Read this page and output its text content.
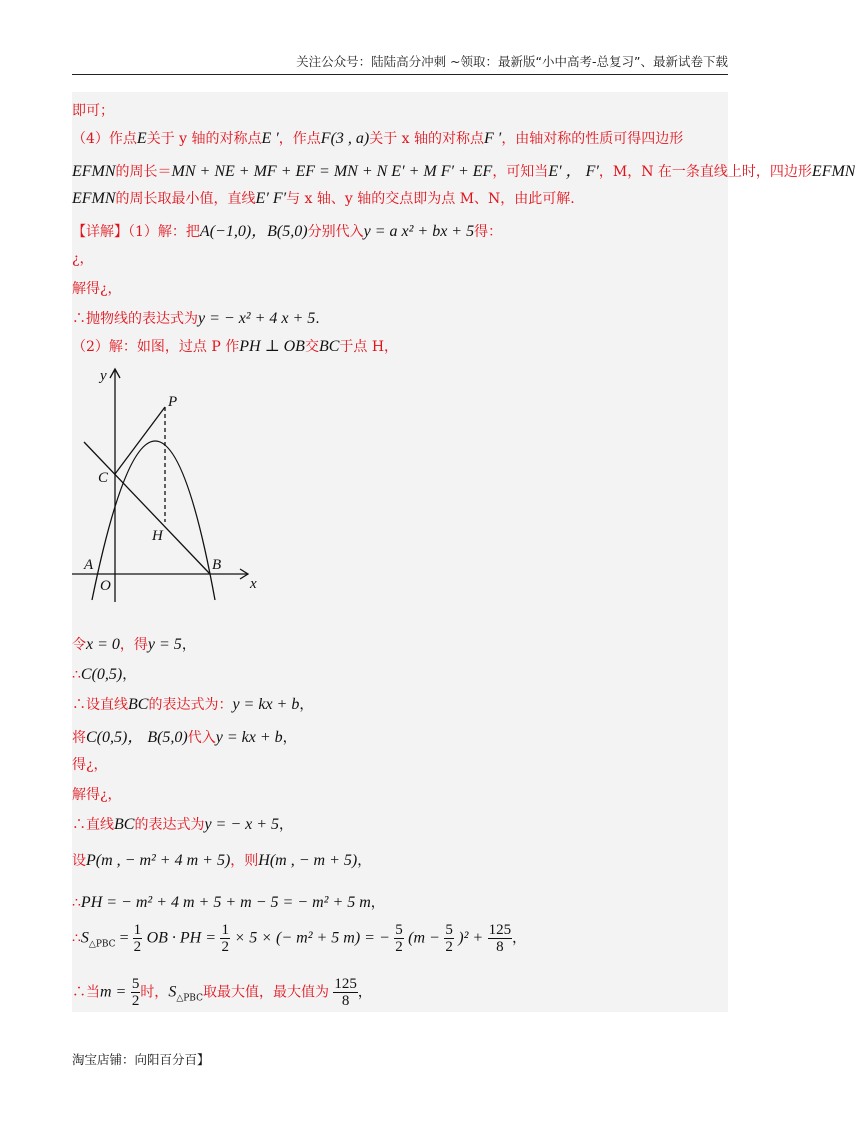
关注公众号：陆陆高分冲刺 ~领取：最新版“小中高考-总复习”、最新试卷下载
即可；
（4）作点E关于 y 轴的对称点E ′，作点F(3 , a)关于 x 轴的对称点F ′，由轴对称的性质可得四边形
EFMN的周长＝MN + NE + MF + EF = MN + N E′ + M F′ + EF，可知当E′ ， F′，M，N 在一条直线上时，四边形EFMN
EFMN的周长取最小值，直线E′ F′与 x 轴、y 轴的交点即为点 M、N，由此可解.
【详解】（1）解：把A(−1,0)，B(5,0)分别代入y = a x² + bx + 5得：
¿，
解得¿，
∴抛物线的表达式为y = − x² + 4 x + 5.
（2）解：如图，过点 P 作PH ⊥ OB交BC于点 H，
x
y
O
A	B
C
P
H
令x = 0，得y = 5，
∴C(0,5)，
∴设直线BC的表达式为：y = kx + b，
将C(0,5)， B(5,0)代入y = kx + b，
得¿，
解得¿，
∴直线BC的表达式为y = − x + 5，
设P(m , − m² + 4 m + 5)，则H(m , − m + 5)，
∴PH = − m² + 4 m + 5 + m − 5 = − m² + 5 m，
$\therefore S_{\triangle PBC} = \frac{1}{2}$ OB · PH = $\frac{1}{2} \times 5$ × (− m² + 5 m) = − $\frac{5}{2} (m - \frac{5}{2} )^2 + \frac{125}{8}$ ，
∴当$m = \frac{5}{2}$ 时，$S_{\triangle PBC}$取最大值，最大值为 $\frac{125}{8}$ ，
淘宝店铺：向阳百分百】
